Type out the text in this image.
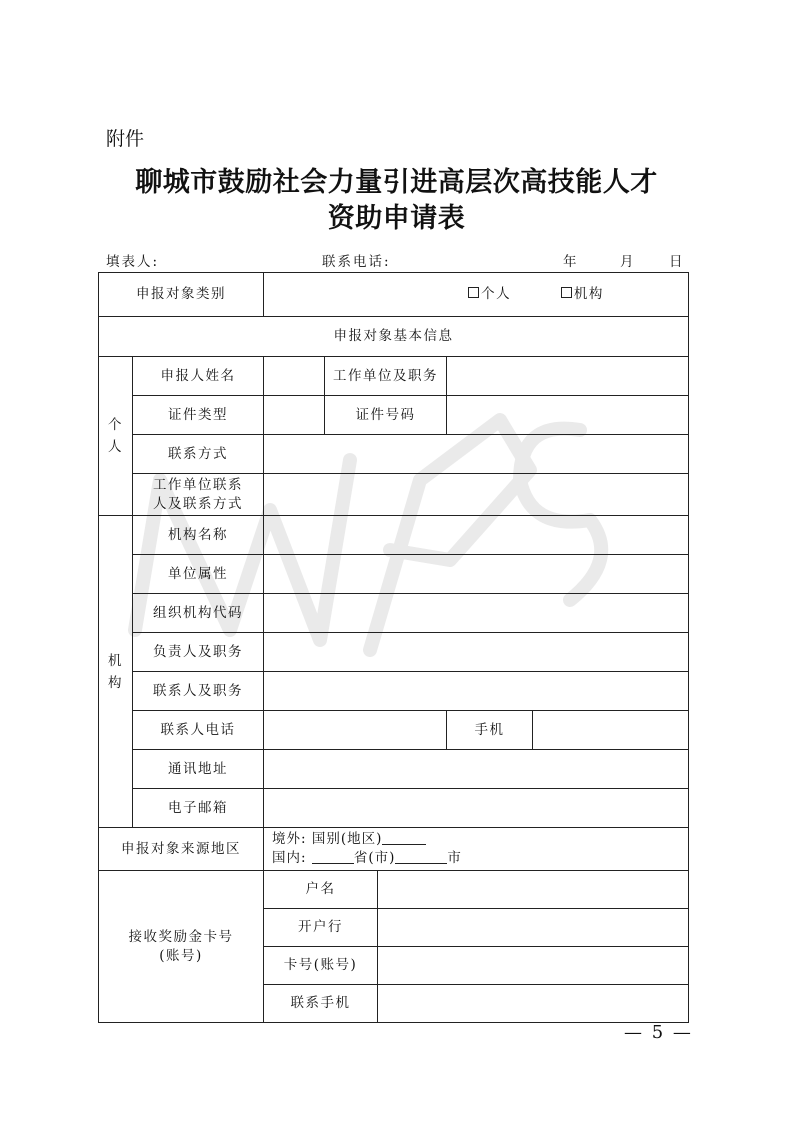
附件
聊城市鼓励社会力量引进高层次高技能人才
资助申请表
填表人:	联系电话:	年	月 日
申报对象类别		个人 机构				
申报对象基本信息						
个人	申报人姓名		工作单位及职务			
	证件类型		证件号码			
	联系方式					
	工作单位联系人及联系方式					
机构	机构名称					
	单位属性					
	组织机构代码					
	负责人及职务					
	联系人及职务					
	联系人电话				手机	
	通讯地址					
	电子邮箱					
申报对象来源地区		境外: 国别(地区)
国内: 省(市) 市				

接收奖励金卡号(账号)		户名				
		开户行				
		卡号(账号)				
		联系手机				
— 5 —
